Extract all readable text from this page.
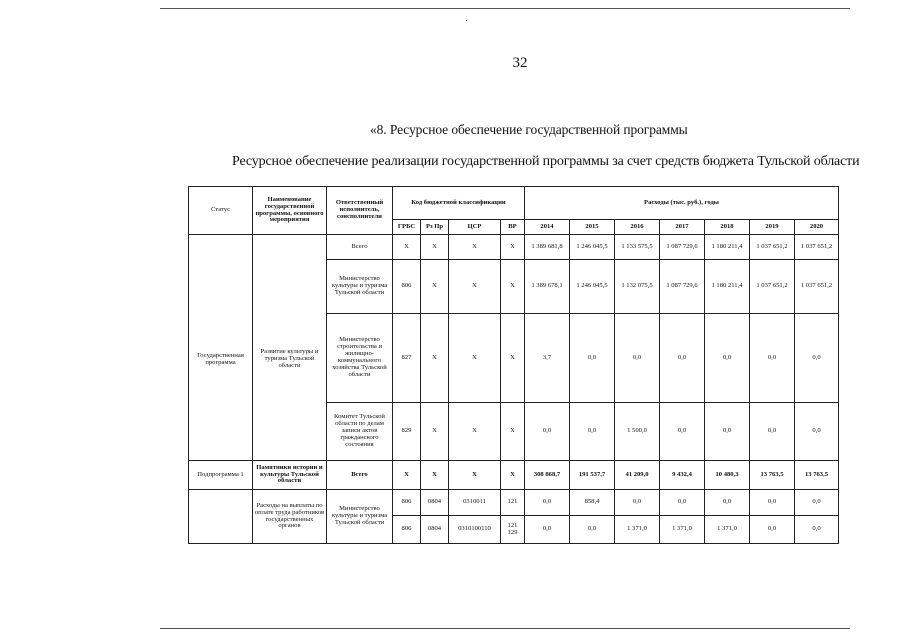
32
«8. Ресурсное обеспечение государственной программы
Ресурсное обеспечение реализации государственной программы за счет средств бюджета Тульской области
Статус	Наименование государственной программы, основного мероприятия	Ответственный исполнитель, соисполнители	Код бюджетной классификации				Расходы (тыс. руб.), годы						
			ГРБС	Рз Пр	ЦСР	ВР	2014	2015	2016	2017	2018	2019	2020
		Всего	Х	Х	Х	Х	1 389 681,8	1 246 045,5	1 133 575,5	1 087 729,6	1 180 211,4	1 037 651,2	1 037 651,2
Государственная программа	Развитие культуры и туризма Тульской области	Министерство культуры и туризма Тульской области	806	Х	Х	Х	1 389 678,1	1 246 045,5	1 132 075,5	1 087 729,6	1 180 211,4	1 037 651,2	1 037 651,2
		Министерство строительства и жилищно-коммунального хозяйства Тульской области	827	Х	Х	Х	3,7	0,0	0,0	0,0	0,0	0,0	0,0
		Комитет Тульской области по делам записи актов гражданского состояния	829	Х	Х	Х	0,0	0,0	1 500,0	0,0	0,0	0,0	0,0
Подпрограмма 1	Памятники истории и культуры Тульской области	Всего	Х	Х	Х	Х	308 868,7	191 537,7	41 209,0	9 432,4	10 480,3	13 763,5	13 763,5
	Расходы на выплаты по оплате труда работников государственных органов	Министерство культуры и туризма Тульской области	806	0804	0310011	121	0,0	858,4	0,0	0,0	0,0	0,0	0,0
			806	0804	0310100110	121 129	0,0	0,0	1 371,0	1 371,0	1 371,0	0,0	0,0
